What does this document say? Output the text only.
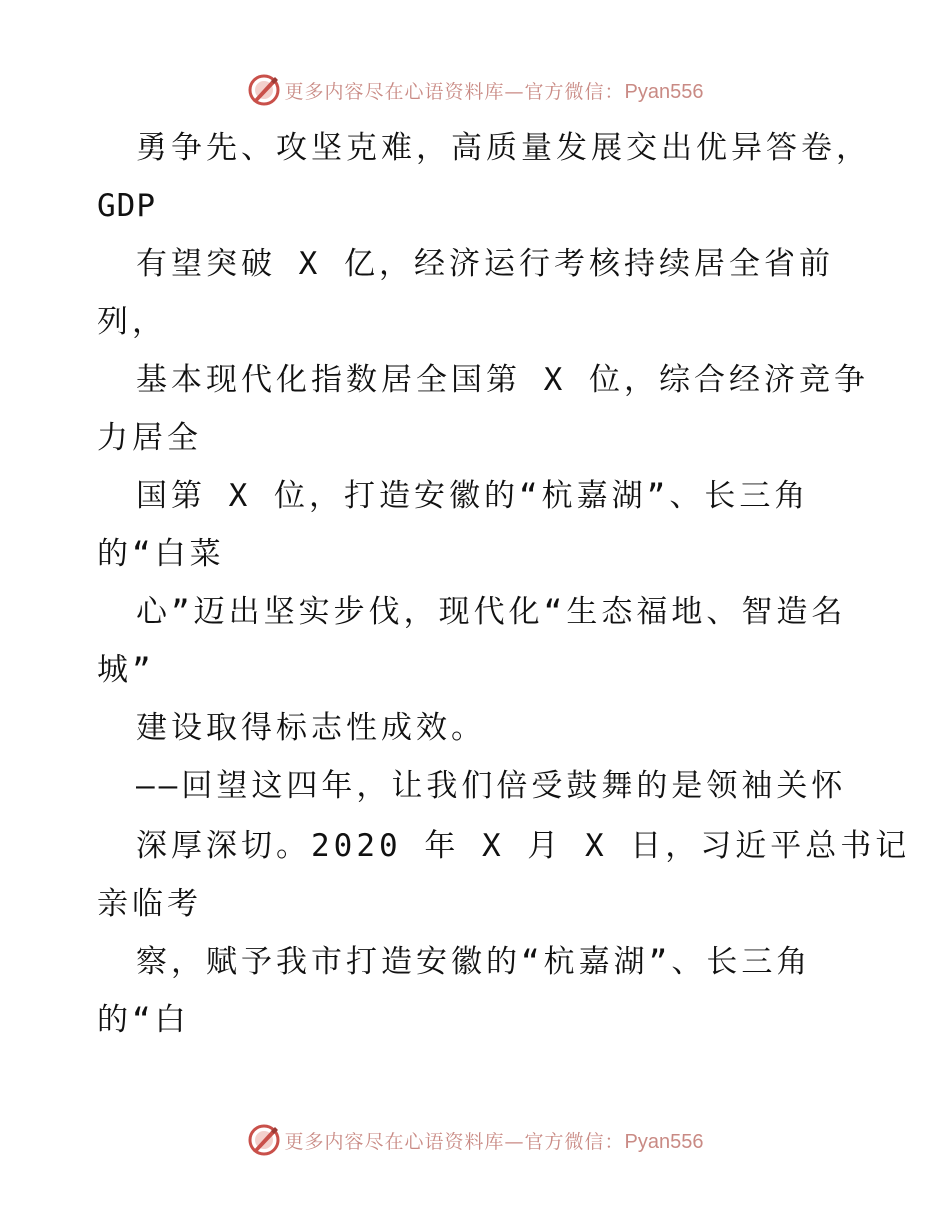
更多内容尽在心语资料库—官方微信：Pyan556
勇争先、攻坚克难，高质量发展交出优异答卷，
GDP
有望突破 X 亿，经济运行考核持续居全省前
列，
基本现代化指数居全国第 X 位，综合经济竞争
力居全
国第 X 位，打造安徽的“杭嘉湖”、长三角
的“白菜
心”迈出坚实步伐，现代化“生态福地、智造名
城”
建设取得标志性成效。
——回望这四年，让我们倍受鼓舞的是领袖关怀
深厚深切。2020 年 X 月 X 日，习近平总书记
亲临考
察，赋予我市打造安徽的“杭嘉湖”、长三角
的“白
更多内容尽在心语资料库—官方微信：Pyan556
